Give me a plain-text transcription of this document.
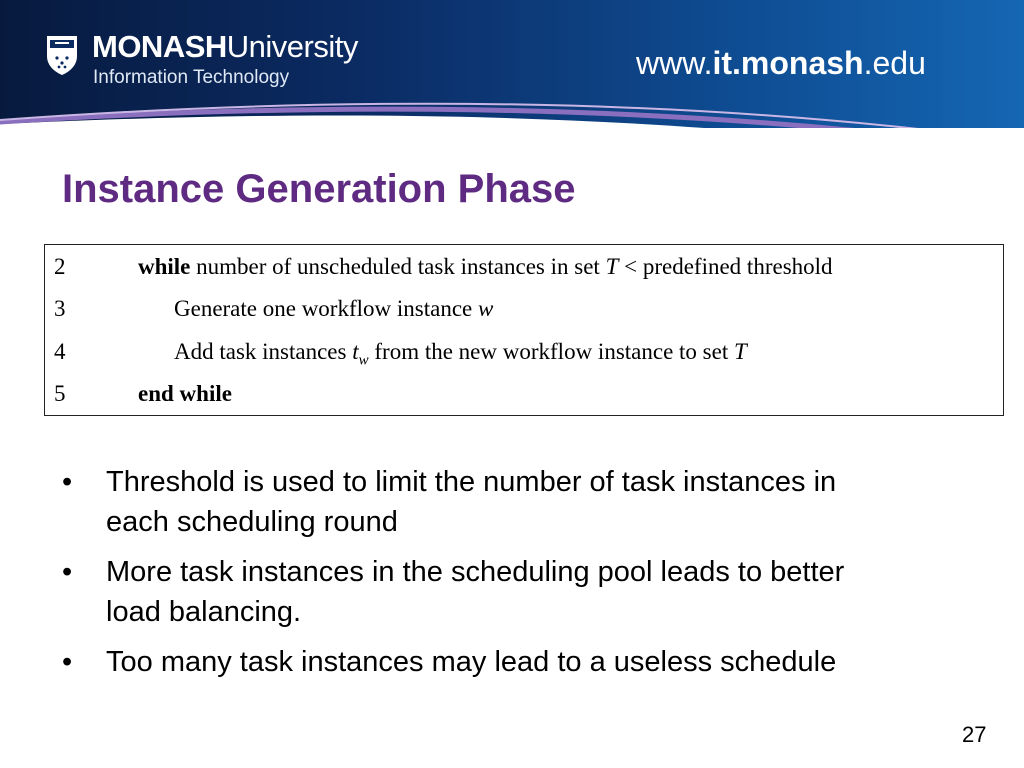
MONASHUniversity
Information Technology	www.it.monash.edu
Instance Generation Phase
2	while number of unscheduled task instances in set T < predefined threshold
3	Generate one workflow instance w
4	Add task instances $t_w$ from the new workflow instance to set T
5	end while
• Threshold is used to limit the number of task instances in each scheduling round
• More task instances in the scheduling pool leads to better load balancing.
• Too many task instances may lead to a useless schedule
27
